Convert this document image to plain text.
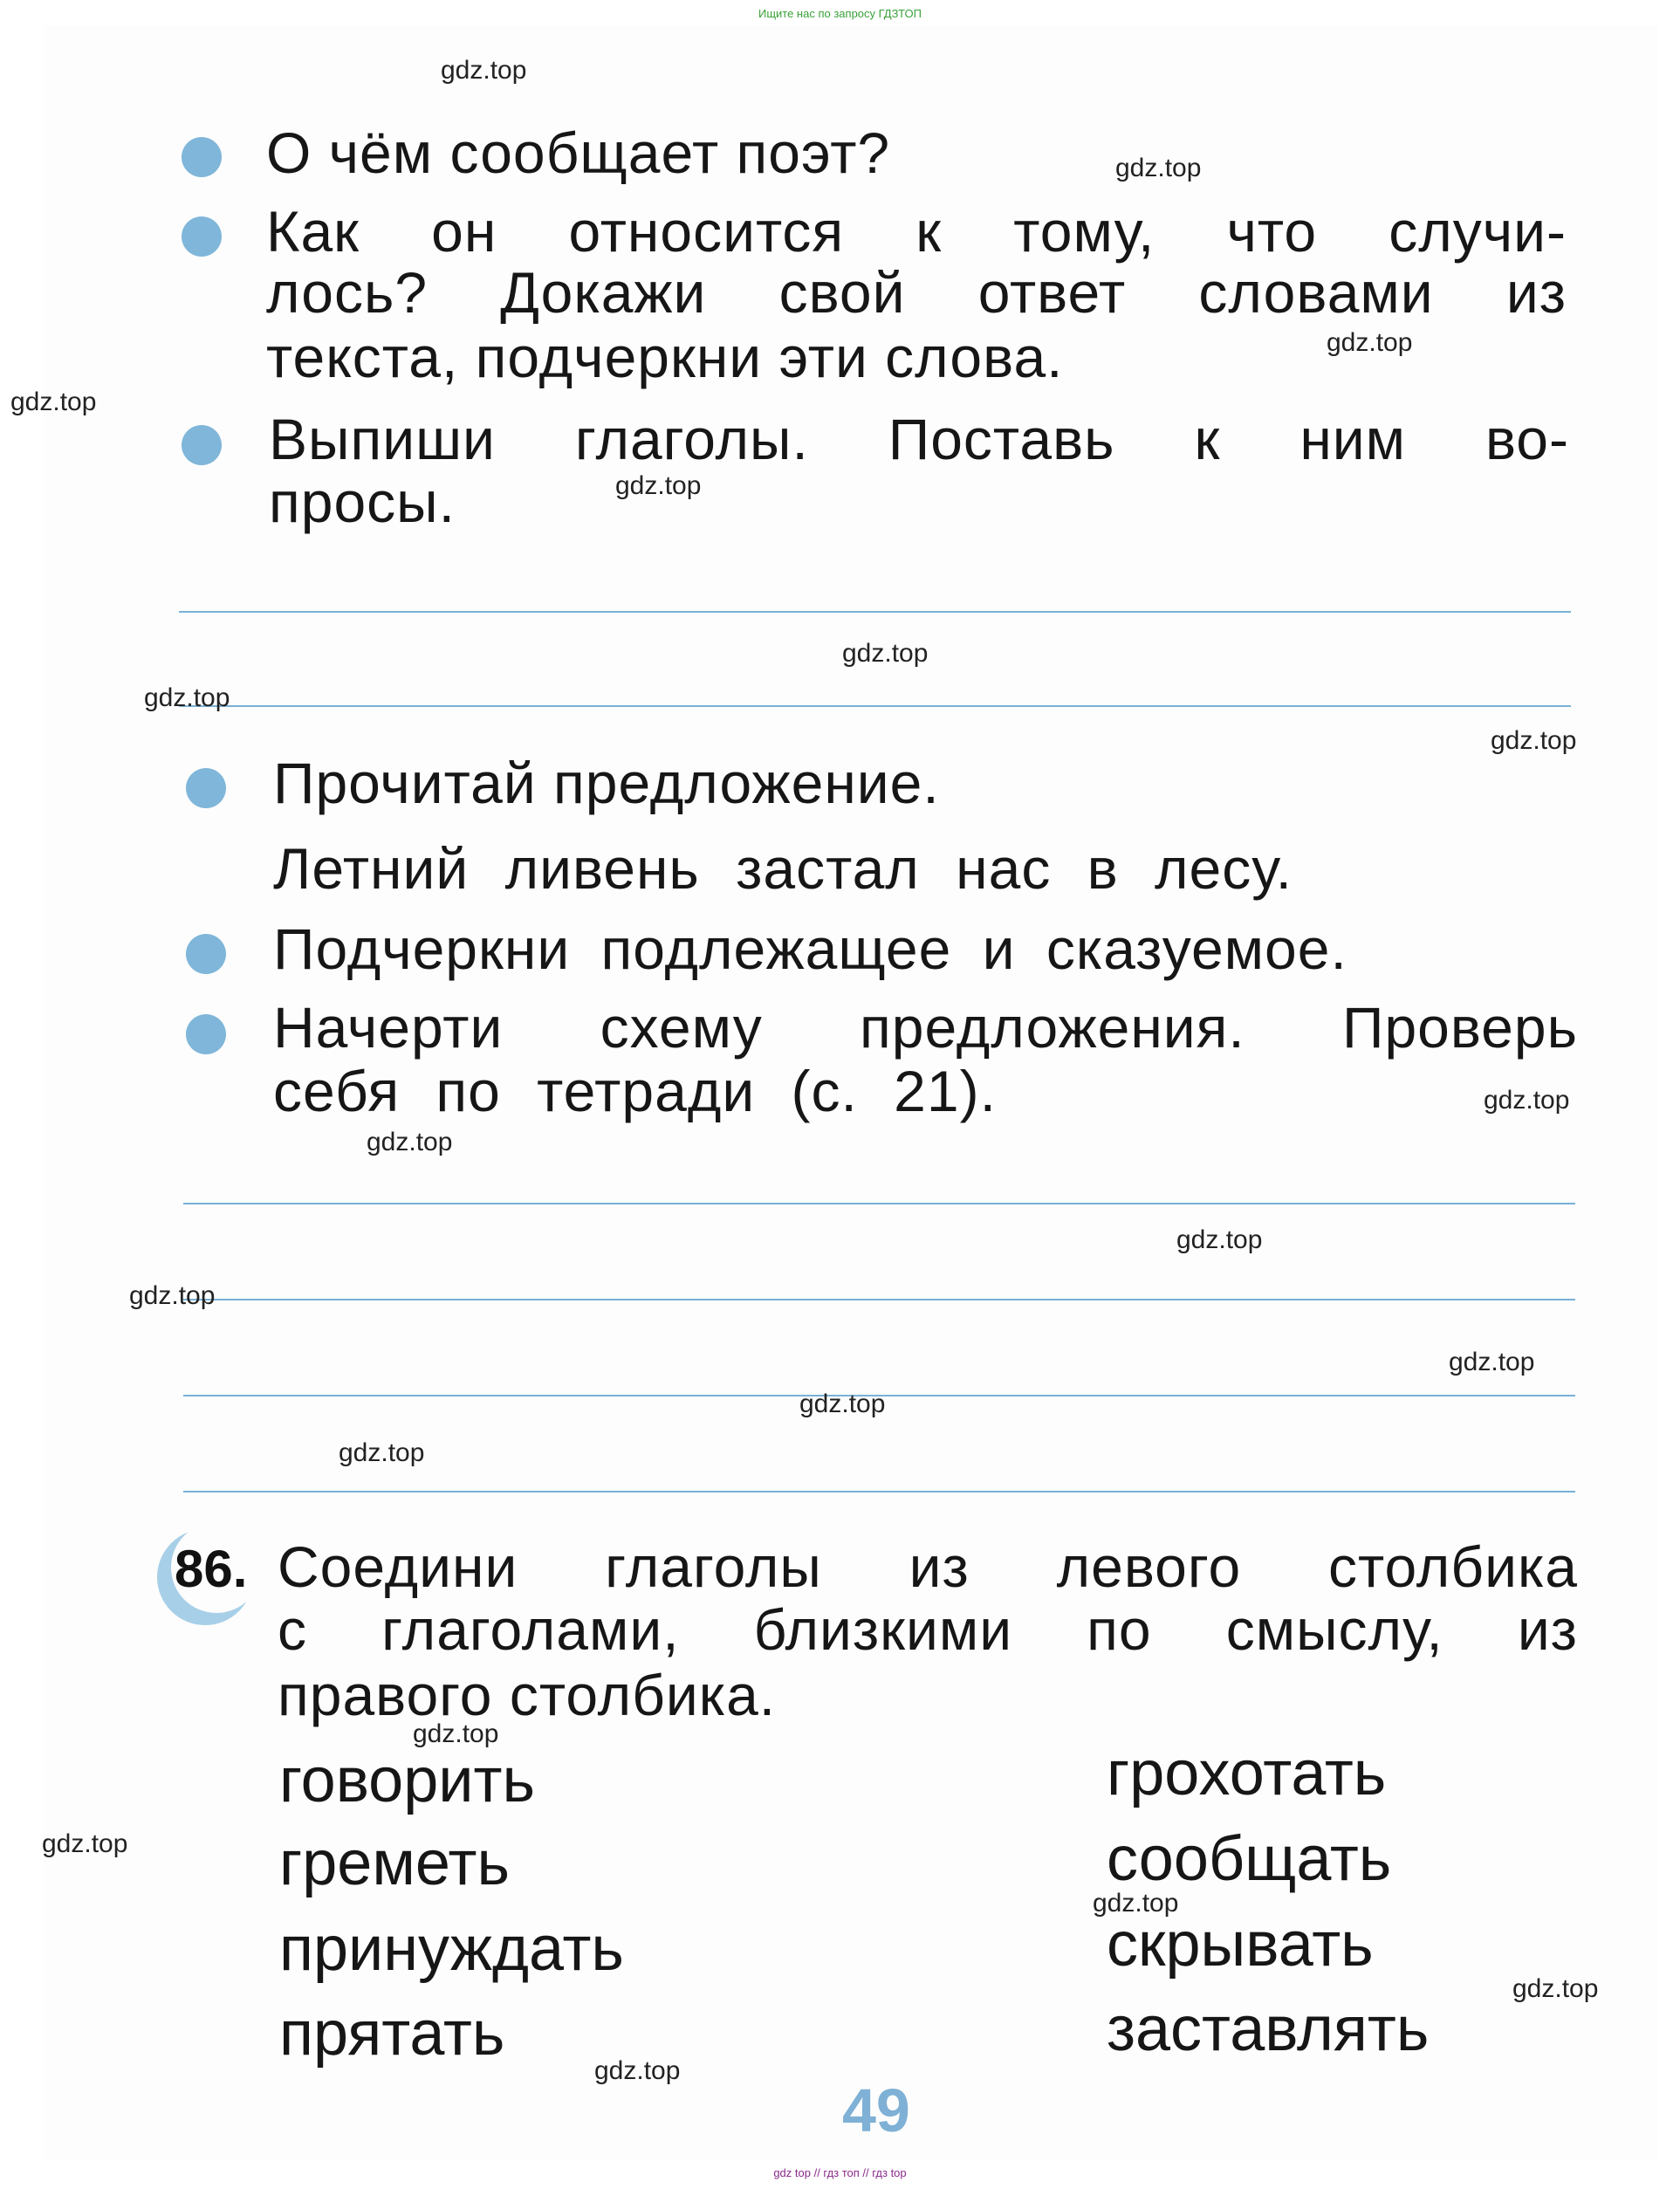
Ищите нас по запросу ГДЗТОП
О чём сообщает поэт?
Как он относится к тому, что случи-
лось? Докажи свой ответ словами из
текста, подчеркни эти слова.
Выпиши глаголы. Поставь к ним во-
просы.
Прочитай предложение.
Летний ливень застал нас в лесу.
Подчеркни подлежащее и сказуемое.
Начерти схему предложения. Проверь
себя по тетради (с. 21).
86. Соедини глаголы из левого столбика
с глаголами, близкими по смыслу, из
правого столбика.
говорить
греметь
принуждать
прятать
грохотать
сообщать
скрывать
заставлять
49
gdz.top
gdz.top
gdz.top
gdz.top
gdz.top
gdz.top
gdz.top
gdz.top
gdz.top
gdz.top
gdz.top
gdz.top
gdz.top
gdz.top
gdz.top
gdz.top
gdz.top
gdz.top
gdz.top
gdz.top
gdz top // гдз топ // гдз top
